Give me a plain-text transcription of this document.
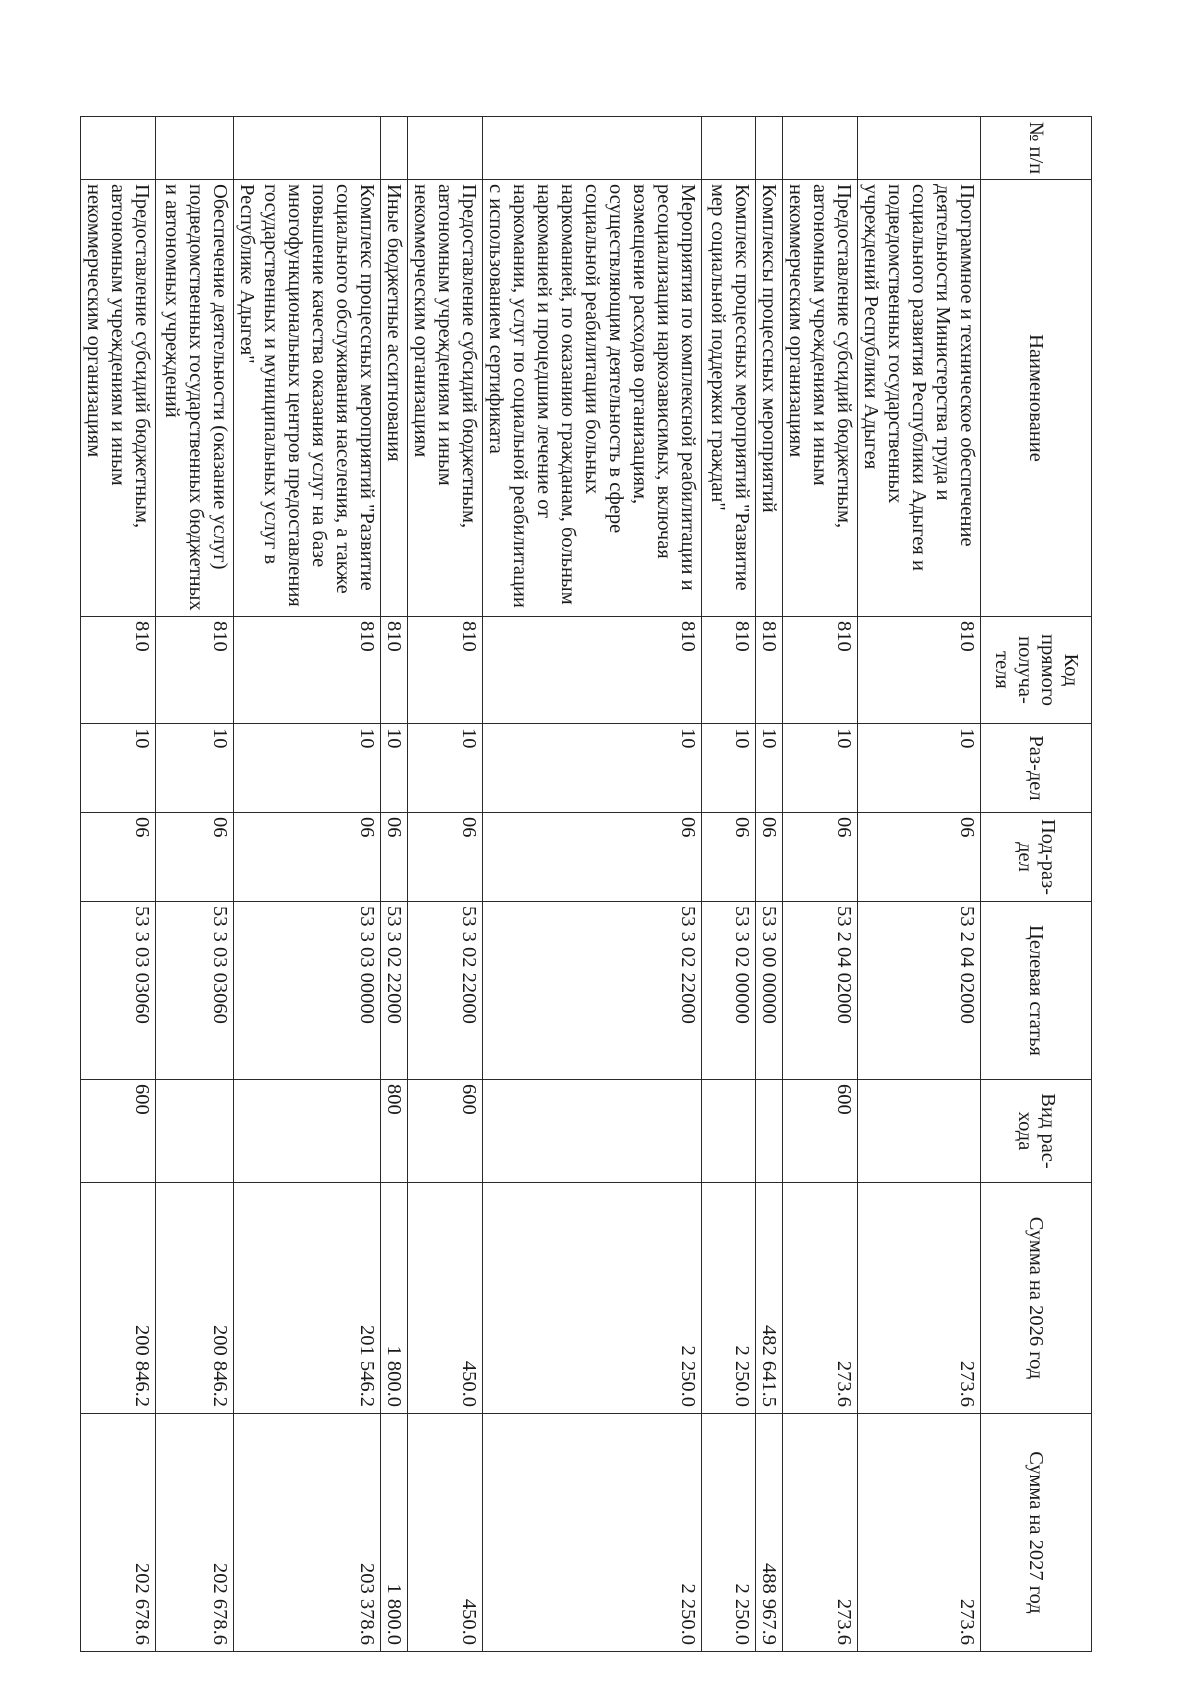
№ п/п	Наименование	Код прямого получа-теля	Раз-дел	Под-раз-дел	Целевая статья	Вид рас-хода	Сумма на 2026 год	Сумма на 2027 год
	Программное и техническое обеспечение деятельности Министерства труда и социального развития Республики Адыгея и подведомственных государственных учреждений Республики Адыгея	810	10	06	53 2 04 02000		273.6	273.6
	Предоставление субсидий бюджетным, автономным учреждениям и иным некоммерческим организациям	810	10	06	53 2 04 02000	600	273.6	273.6
	Комплексы процессных мероприятий	810	10	06	53 3 00 00000		482 641.5	488 967.9
	Комплекс процессных мероприятий "Развитие мер социальной поддержки граждан"	810	10	06	53 3 02 00000		2 250.0	2 250.0
	Мероприятия по комплексной реабилитации и ресоциализации наркозависимых, включая возмещение расходов организациям, осуществляющим деятельность в сфере социальной реабилитации больных наркоманией, по оказанию гражданам, больным наркоманией и процедшим лечение от наркомании, услуг по социальной реабилитации с использованием сертификата	810	10	06	53 3 02 22000		2 250.0	2 250.0
	Предоставление субсидий бюджетным, автономным учреждениям и иным некоммерческим организациям	810	10	06	53 3 02 22000	600	450.0	450.0
	Иные бюджетные ассигнования	810	10	06	53 3 02 22000	800	1 800.0	1 800.0
	Комплекс процессных мероприятий "Развитие социального обслуживания населения, а также повышение качества оказания услуг на базе многофункциональных центров предоставления государственных и муниципальных услуг в Республике Адыгея"	810	10	06	53 3 03 00000		201 546.2	203 378.6
	Обеспечение деятельности (оказание услуг) подведомственных государственных бюджетных и автономных учреждений	810	10	06	53 3 03 03060		200 846.2	202 678.6
	Предоставление субсидий бюджетным, автономным учреждениям и иным некоммерческим организациям	810	10	06	53 3 03 03060	600	200 846.2	202 678.6
